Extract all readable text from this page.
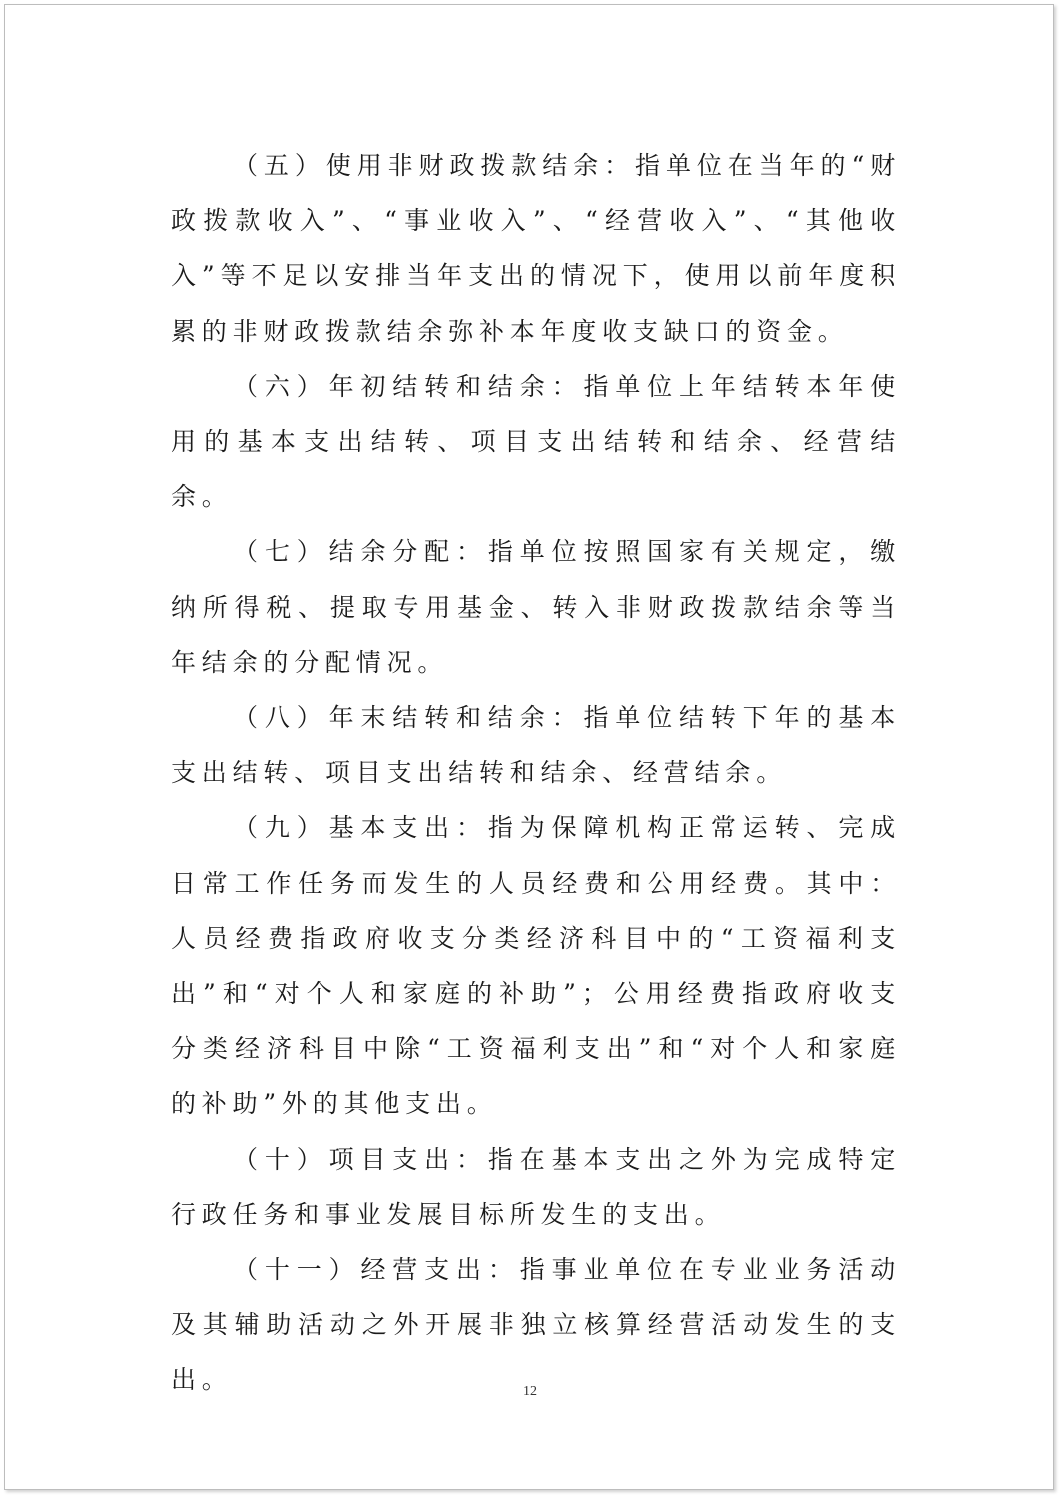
（五）使用非财政拨款结余：指单位在当年的“财政拨款收入”、“事业收入”、“经营收入”、“其他收入”等不足以安排当年支出的情况下，使用以前年度积累的非财政拨款结余弥补本年度收支缺口的资金。

（六）年初结转和结余：指单位上年结转本年使用的基本支出结转、项目支出结转和结余、经营结余。

（七）结余分配：指单位按照国家有关规定，缴纳所得税、提取专用基金、转入非财政拨款结余等当年结余的分配情况。

（八）年末结转和结余：指单位结转下年的基本支出结转、项目支出结转和结余、经营结余。

（九）基本支出：指为保障机构正常运转、完成日常工作任务而发生的人员经费和公用经费。其中：人员经费指政府收支分类经济科目中的“工资福利支出”和“对个人和家庭的补助”；公用经费指政府收支分类经济科目中除“工资福利支出”和“对个人和家庭的补助”外的其他支出。

（十）项目支出：指在基本支出之外为完成特定行政任务和事业发展目标所发生的支出。

（十一）经营支出：指事业单位在专业业务活动及其辅助活动之外开展非独立核算经营活动发生的支出。	12
